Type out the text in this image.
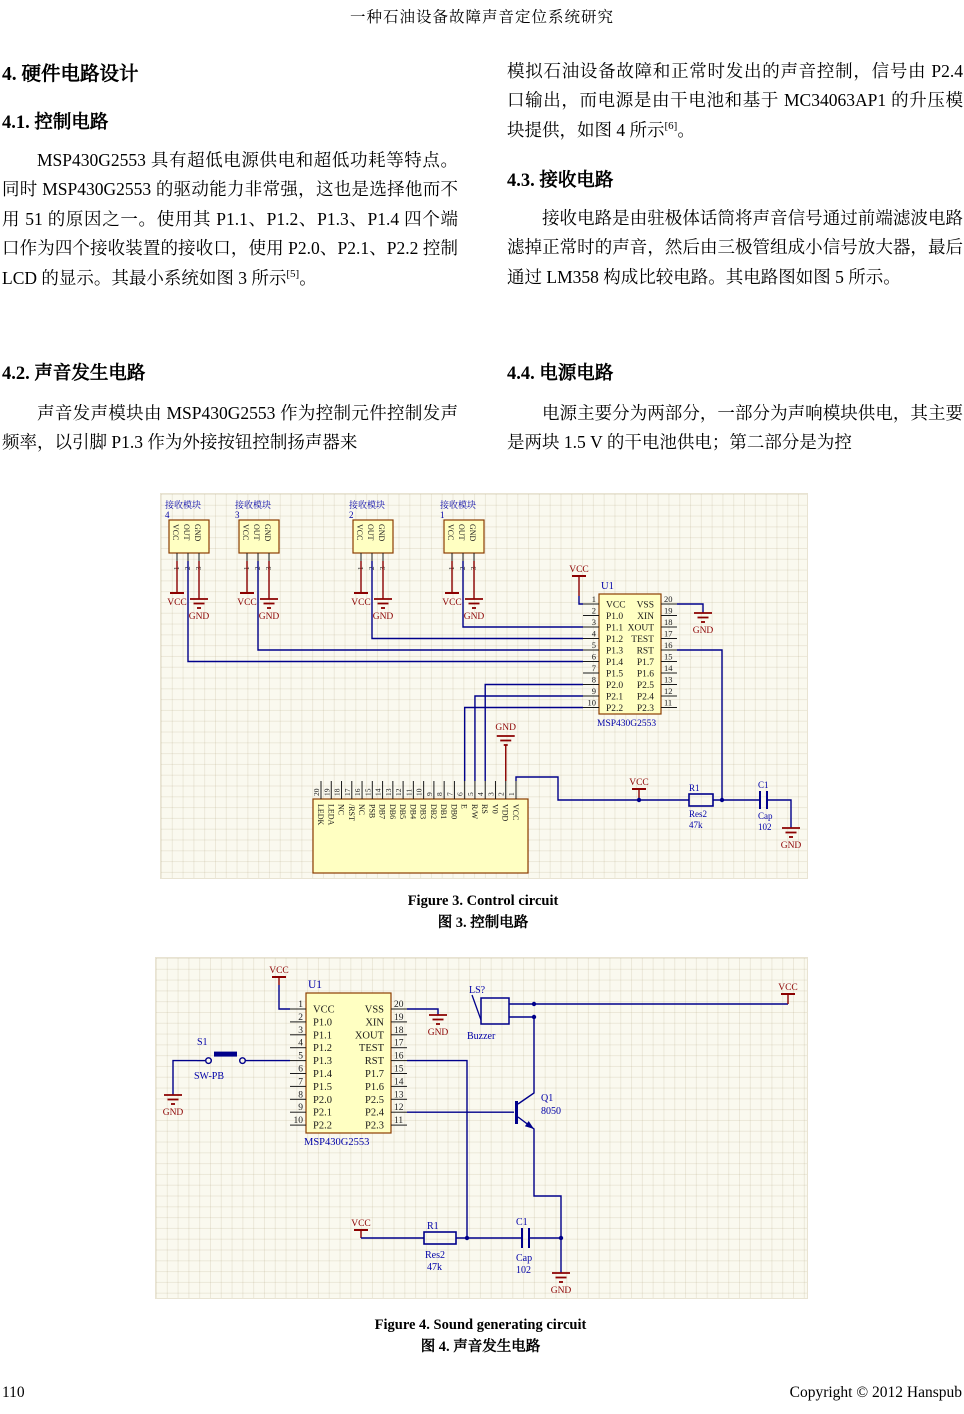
一种石油设备故障声音定位系统研究
4. 硬件电路设计
4.1. 控制电路
MSP430G2553 具有超低电源供电和超低功耗等特点。同时 MSP430G2553 的驱动能力非常强，这也是选择他而不用 51 的原因之一。使用其 P1.1、P1.2、P1.3、P1.4 四个端口作为四个接收装置的接收口，使用 P2.0、P2.1、P2.2 控制 LCD 的显示。其最小系统如图 3 所示[5]。
4.2. 声音发生电路
声音发声模块由 MSP430G2553 作为控制元件控制发声频率，以引脚 P1.3 作为外接按钮控制扬声器来
模拟石油设备故障和正常时发出的声音控制，信号由 P2.4 口输出，而电源是由干电池和基于 MC34063AP1 的升压模块提供，如图 4 所示[6]。
4.3. 接收电路
接收电路是由驻极体话筒将声音信号通过前端滤波电路滤掉正常时的声音，然后由三极管组成小信号放大器，最后通过 LM358 构成比较电路。其电路图如图 5 所示。
4.4. 电源电路
电源主要分为两部分，一部分为声响模块供电，其主要是两块 1.5 V 的干电池供电；第二部分是为控
接收模块
4
VCC
1
OUT
2
GND
3
VCC
GND
接收模块
3
VCC
1
OUT
2
GND
3
VCC
GND
接收模块
2
VCC
1
OUT
2
GND
3
VCC
GND
接收模块
1
VCC
1
OUT
2
GND
3
VCC
GND
U1
MSP430G2553
1
VCC
2
P1.0
3
P1.1
4
P1.2
5
P1.3
6
P1.4
7
P1.5
8
P2.0
9
P2.1
10
P2.2
20
VSS 19
XIN 18
XOUT 17
TEST 16
RST 15
P1.7 14
P1.6 13
P2.5 12
P2.4 11
P2.3
VCC
GND
20
LEDK
19
LEDA
18
NC
17
/RST
16
NC
15
PSB
14
DB7
13
DB6
12
DB5
11
DB4
10
DB3
9
DB2
8
DB1
7
DB0
6
E
5
R/W
4
RS
3
V0
2
VDD
1
VCC
GND
VCC	R1
Res2
47k
C1
Cap
102
GND
Figure 3. Control circuit
图 3. 控制电路
U1
MSP430G2553
1 VCC
2 P1.0
3 P1.1
4 P1.2
5 P1.3
6 P1.4
7 P1.5
8 P2.0
9 P2.1
10 P2.2
20
VSS
19
XIN
18
XOUT
17
TEST
16
RST
15
P1.7
14
P1.6
13
P2.5
12
P2.4
11
P2.3
VCC
GND
S1
SW-PB
GND
Q1
8050
LS?
Buzzer
VCC
VCC	R1
Res2
47k
C1
Cap
102
GND
Figure 4. Sound generating circuit
图 4. 声音发生电路
110	Copyright © 2012 Hanspub
